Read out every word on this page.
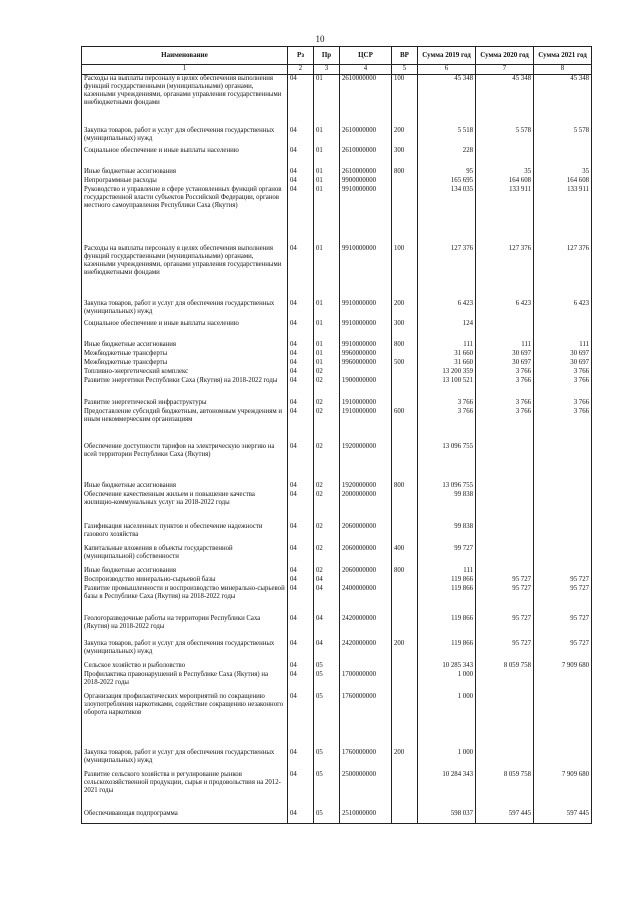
10
Наименование	Рз	Пр	ЦСР	ВР	Сумма 2019 год	Сумма 2020 год	Сумма 2021 год
1	2	3	4	5	6	7	8
Расходы на выплаты персоналу в целях обеспечения выполнения функций государственными (муниципальными) органами, казенными учреждениями, органами управления государственными внебюджетными фондами	04	01	2610000000	100	45 348	45 348	45 348
Закупка товаров, работ и услуг для обеспечения государственных (муниципальных) нужд	04	01	2610000000	200	5 518	5 578	5 578
Социальное обеспечение и иные выплаты населению	04	01	2610000000	300	228		
Иные бюджетные ассигнования	04	01	2610000000	800	95	35	35
Непрограммные расходы	04	01	9900000000		165 695	164 608	164 608
Руководство и управление в сфере установленных функций органов государственной власти субъектов Российской Федерации, органов местного самоуправления Республики Саха (Якутия)	04	01	9910000000		134 035	133 911	133 911
Расходы на выплаты персоналу в целях обеспечения выполнения функций государственными (муниципальными) органами, казенными учреждениями, органами управления государственными внебюджетными фондами	04	01	9910000000	100	127 376	127 376	127 376
Закупка товаров, работ и услуг для обеспечения государственных (муниципальных) нужд	04	01	9910000000	200	6 423	6 423	6 423
Социальное обеспечение и иные выплаты населению	04	01	9910000000	300	124		
Иные бюджетные ассигнования	04	01	9910000000	800	111	111	111
Межбюджетные трансферты	04	01	9960000000		31 660	30 697	30 697
Межбюджетные трансферты	04	01	9960000000	500	31 660	30 697	30 697
Топливно-энергетический комплекс	04	02			13 200 359	3 766	3 766
Развитие энергетики Республики Саха (Якутия) на 2018-2022 годы	04	02	1900000000		13 100 521	3 766	3 766
Развитие энергетической инфраструктуры	04	02	1910000000		3 766	3 766	3 766
Предоставление субсидий бюджетным, автономным учреждениям и иным некоммерческим организациям	04	02	1910000000	600	3 766	3 766	3 766
Обеспечение доступности тарифов на электрическую энергию на всей территории Республики Саха (Якутия)	04	02	1920000000		13 096 755		
Иные бюджетные ассигнования	04	02	1920000000	800	13 096 755		
Обеспечение качественным жильем и повышение качества жилищно-коммунальных услуг на 2018-2022 годы	04	02	2000000000		99 838		
Газификация населенных пунктов и обеспечение надежности газового хозяйства	04	02	2060000000		99 838		
Капитальные вложения в объекты государственной (муниципальной) собственности	04	02	2060000000	400	99 727		
Иные бюджетные ассигнования	04	02	2060000000	800	111		
Воспроизводство минерально-сырьевой базы	04	04			119 866	95 727	95 727
Развитие промышленности и воспроизводство минерально-сырьевой базы в Республике Саха (Якутия) на 2018-2022 годы	04	04	2400000000		119 866	95 727	95 727
Геологоразведочные работы на территории Республики Саха (Якутия) на 2018-2022 годы	04	04	2420000000		119 866	95 727	95 727
Закупка товаров, работ и услуг для обеспечения государственных (муниципальных) нужд	04	04	2420000000	200	119 866	95 727	95 727
Сельское хозяйство и рыболовство	04	05			10 285 343	8 059 758	7 909 680
Профилактика правонарушений в Республике Саха (Якутия) на 2018-2022 годы	04	05	1700000000		1 000		
Организация профилактических мероприятий по сокращению злоупотребления наркотиками, содействие сокращению незаконного оборота наркотиков	04	05	1760000000		1 000		
Закупка товаров, работ и услуг для обеспечения государственных (муниципальных) нужд	04	05	1760000000	200	1 000		
Развитие сельского хозяйства и регулирование рынков сельскохозяйственной продукции, сырья и продовольствия на 2012-2021 годы	04	05	2500000000		10 284 343	8 059 758	7 909 680
Обеспечивающая подпрограмма	04	05	2510000000		598 037	597 445	597 445
